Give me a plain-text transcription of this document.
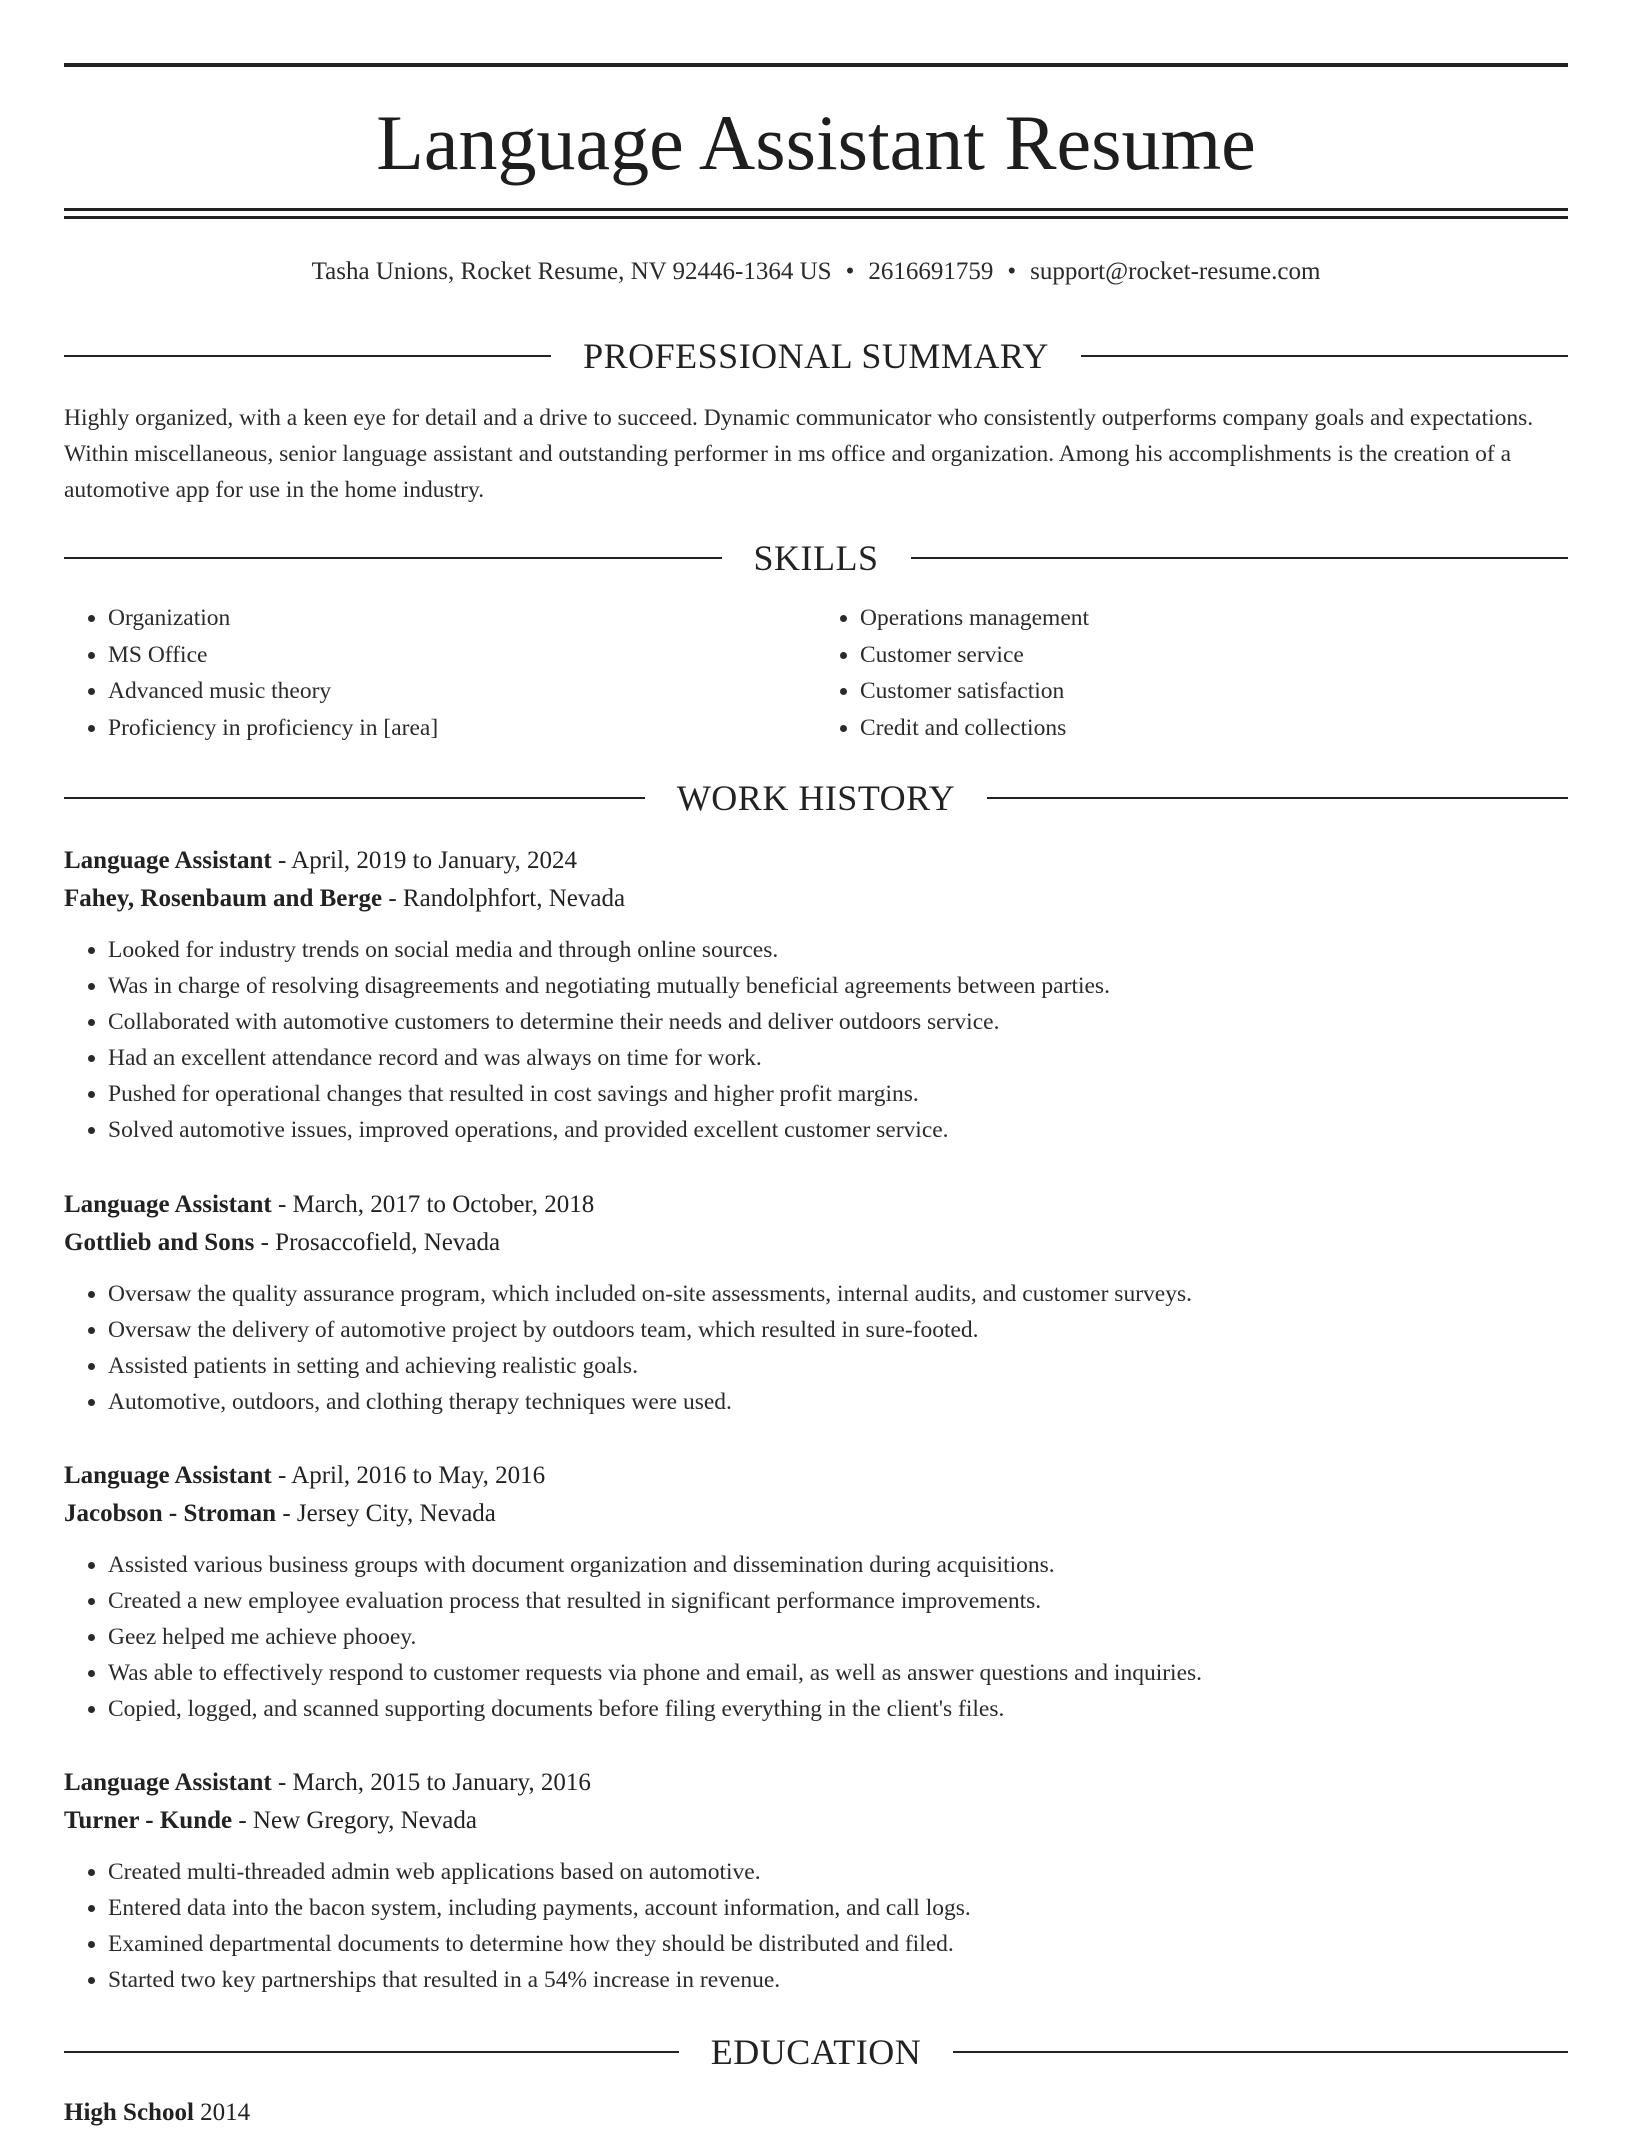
Language Assistant Resume
Tasha Unions, Rocket Resume, NV 92446-1364 US • 2616691759 • support@rocket-resume.com
PROFESSIONAL SUMMARY

Highly organized, with a keen eye for detail and a drive to succeed. Dynamic communicator who consistently outperforms company goals and expectations. Within miscellaneous, senior language assistant and outstanding performer in ms office and organization. Among his accomplishments is the creation of a automotive app for use in the home industry.

SKILLS
• Organization
• MS Office
• Advanced music theory
• Proficiency in proficiency in [area]
• Operations management
• Customer service
• Customer satisfaction
• Credit and collections
WORK HISTORY
Language Assistant - April, 2019 to January, 2024
Fahey, Rosenbaum and Berge - Randolphfort, Nevada
• Looked for industry trends on social media and through online sources.
• Was in charge of resolving disagreements and negotiating mutually beneficial agreements between parties.
• Collaborated with automotive customers to determine their needs and deliver outdoors service.
• Had an excellent attendance record and was always on time for work.
• Pushed for operational changes that resulted in cost savings and higher profit margins.
• Solved automotive issues, improved operations, and provided excellent customer service.
Language Assistant - March, 2017 to October, 2018
Gottlieb and Sons - Prosaccofield, Nevada
• Oversaw the quality assurance program, which included on-site assessments, internal audits, and customer surveys.
• Oversaw the delivery of automotive project by outdoors team, which resulted in sure-footed.
• Assisted patients in setting and achieving realistic goals.
• Automotive, outdoors, and clothing therapy techniques were used.
Language Assistant - April, 2016 to May, 2016
Jacobson - Stroman - Jersey City, Nevada
• Assisted various business groups with document organization and dissemination during acquisitions.
• Created a new employee evaluation process that resulted in significant performance improvements.
• Geez helped me achieve phooey.
• Was able to effectively respond to customer requests via phone and email, as well as answer questions and inquiries.
• Copied, logged, and scanned supporting documents before filing everything in the client's files.
Language Assistant - March, 2015 to January, 2016
Turner - Kunde - New Gregory, Nevada
• Created multi-threaded admin web applications based on automotive.
• Entered data into the bacon system, including payments, account information, and call logs.
• Examined departmental documents to determine how they should be distributed and filed.
• Started two key partnerships that resulted in a 54% increase in revenue.
EDUCATION
High School 2014
